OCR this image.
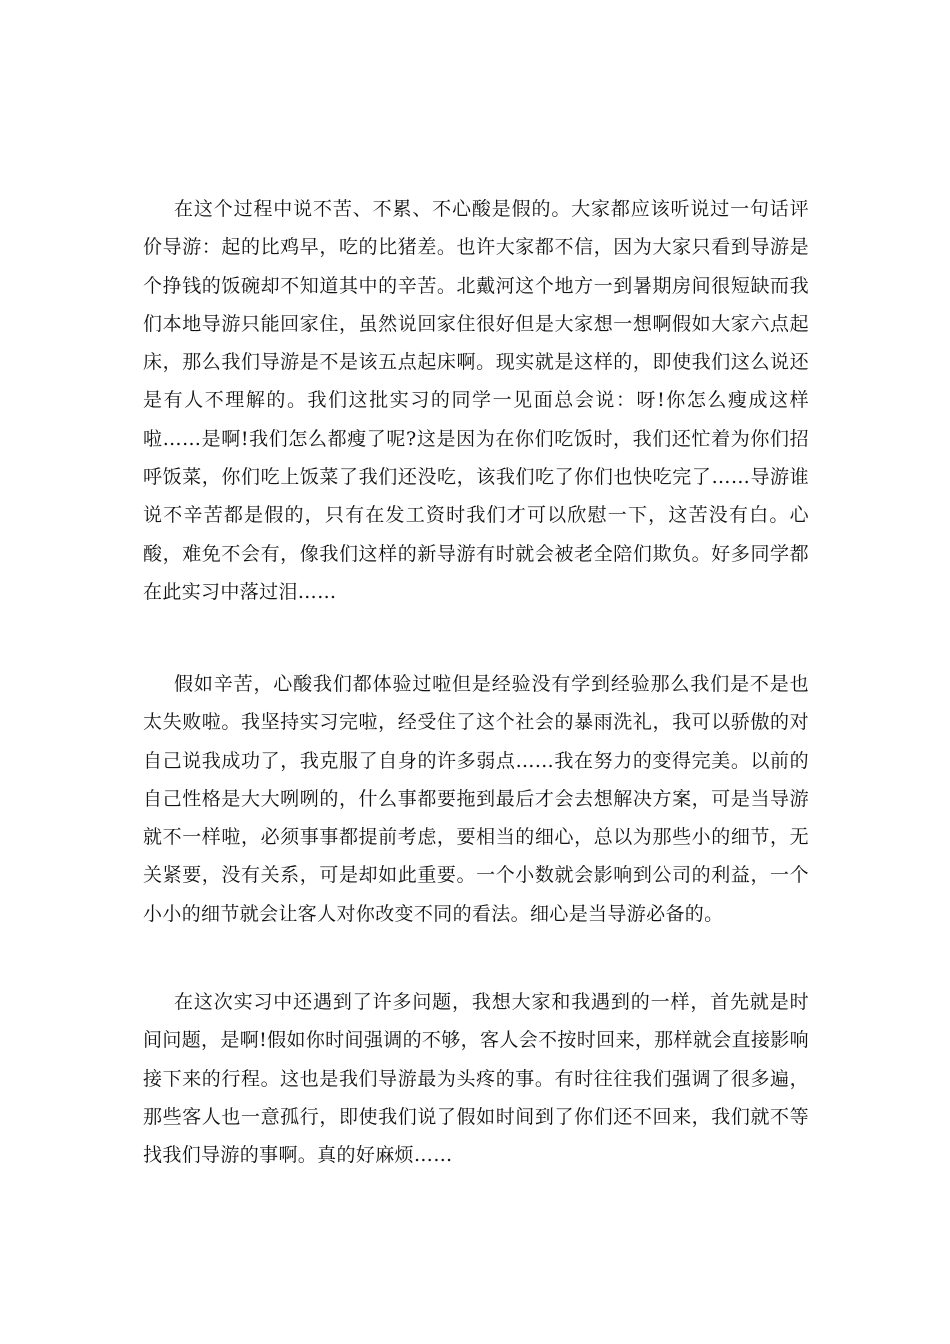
在这个过程中说不苦、不累、不心酸是假的。大家都应该听说过一句话评价导游：起的比鸡早，吃的比猪差。也许大家都不信，因为大家只看到导游是个挣钱的饭碗却不知道其中的辛苦。北戴河这个地方一到暑期房间很短缺而我们本地导游只能回家住，虽然说回家住很好但是大家想一想啊假如大家六点起床，那么我们导游是不是该五点起床啊。现实就是这样的，即使我们这么说还是有人不理解的。我们这批实习的同学一见面总会说：呀!你怎么瘦成这样啦……是啊!我们怎么都瘦了呢?这是因为在你们吃饭时，我们还忙着为你们招呼饭菜，你们吃上饭菜了我们还没吃，该我们吃了你们也快吃完了……导游谁说不辛苦都是假的，只有在发工资时我们才可以欣慰一下，这苦没有白。心酸，难免不会有，像我们这样的新导游有时就会被老全陪们欺负。好多同学都在此实习中落过泪……

假如辛苦，心酸我们都体验过啦但是经验没有学到经验那么我们是不是也太失败啦。我坚持实习完啦，经受住了这个社会的暴雨洗礼，我可以骄傲的对自己说我成功了，我克服了自身的许多弱点……我在努力的变得完美。以前的自己性格是大大咧咧的，什么事都要拖到最后才会去想解决方案，可是当导游就不一样啦，必须事事都提前考虑，要相当的细心，总以为那些小的细节，无关紧要，没有关系，可是却如此重要。一个小数就会影响到公司的利益，一个小小的细节就会让客人对你改变不同的看法。细心是当导游必备的。

在这次实习中还遇到了许多问题，我想大家和我遇到的一样，首先就是时间问题，是啊!假如你时间强调的不够，客人会不按时回来，那样就会直接影响接下来的行程。这也是我们导游最为头疼的事。有时往往我们强调了很多遍，那些客人也一意孤行，即使我们说了假如时间到了你们还不回来，我们就不等找我们导游的事啊。真的好麻烦……
